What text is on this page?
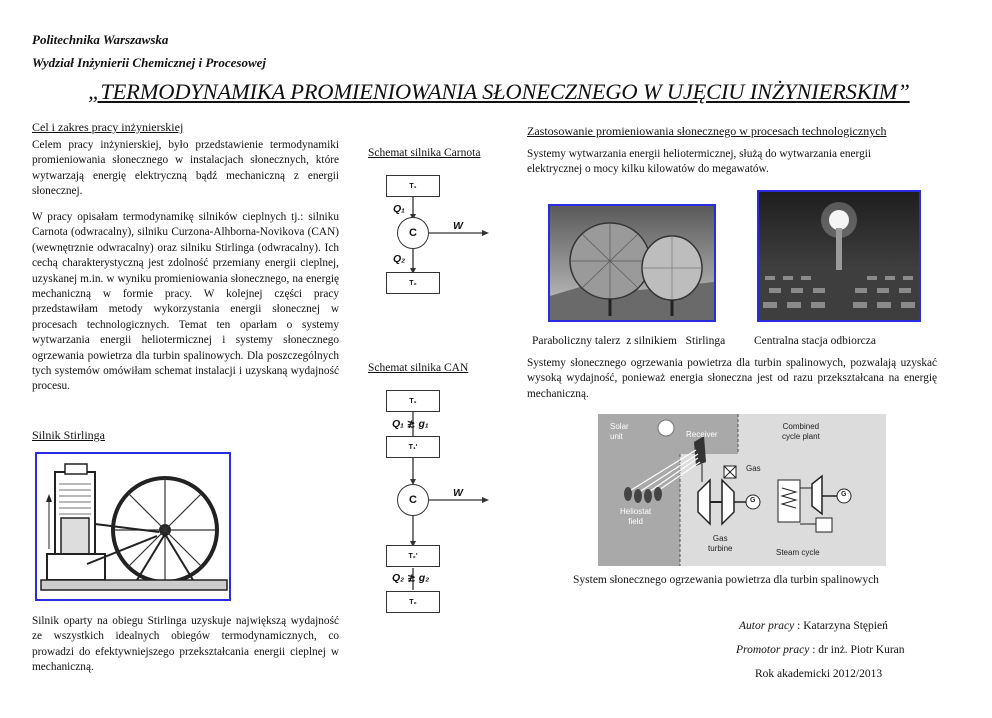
Politechnika Warszawska
Wydział Inżynierii Chemicznej i Procesowej
„TERMODYNAMIKA PROMIENIOWANIA SŁONECZNEGO W UJĘCIU INŻYNIERSKIM”
Cel i zakres pracy inżynierskiej

Celem pracy inżynierskiej, było przedstawienie termodynamiki promieniowania słonecznego w instalacjach słonecznych, które wytwarzają energię elektryczną bądź mechaniczną z energii słonecznej.

W pracy opisałam termodynamikę silników cieplnych tj.: silniku Carnota (odwracalny), silniku Curzona-Alhborna-Novikova (CAN) (wewnętrznie odwracalny) oraz silniku Stirlinga (odwracalny). Ich cechą charakterystyczną jest zdolność przemiany energii cieplnej, uzyskanej m.in. w wyniku promieniowania słonecznego, na energię mechaniczną w formie pracy. W kolejnej części pracy przedstawiłam metody wykorzystania energii słonecznej w procesach technologicznych. Temat ten oparłam o systemy wytwarzania energii heliotermicznej i systemy słonecznego ogrzewania powietrza dla turbin spalinowych. Dla poszczególnych tych systemów omówiłam schemat instalacji i uzyskaną wydajność procesu.

Silnik Stirlinga

Silnik oparty na obiegu Stirlinga uzyskuje największą wydajność ze wszystkich idealnych obiegów termodynamicznych, co prowadzi do efektywniejszego przekształcania energii cieplnej w mechaniczną.

Schemat silnika Carnota
T₁
Q₁
C
W
Q₂
T₂
Schemat silnika CAN
T₁
Q₁ ≵ g₁
T₁'
C
W
T₂'
Q₂ ≵ g₂
T₂
Zastosowanie promieniowania słonecznego w procesach technologicznych

Systemy wytwarzania energii heliotermicznej, służą do wytwarzania energii elektrycznej o mocy kilku kilowatów do megawatów.

Paraboliczny talerz  z silnikiem   Stirlinga	Centralna stacja odbiorcza

Systemy słonecznego ogrzewania powietrza dla turbin spalinowych, pozwalają uzyskać wysoką wydajność, ponieważ energia słoneczna jest od razu przekształcana na energię mechaniczną.

Solar
unit	Receiver
Combined
cycle plant
Gas
Heliostat
field
Gas
turbine	Steam cycle
G
G
System słonecznego ogrzewania powietrza dla turbin spalinowych
Autor pracy : Katarzyna Stępień
Promotor pracy : dr inż. Piotr Kuran
Rok akademicki 2012/2013
